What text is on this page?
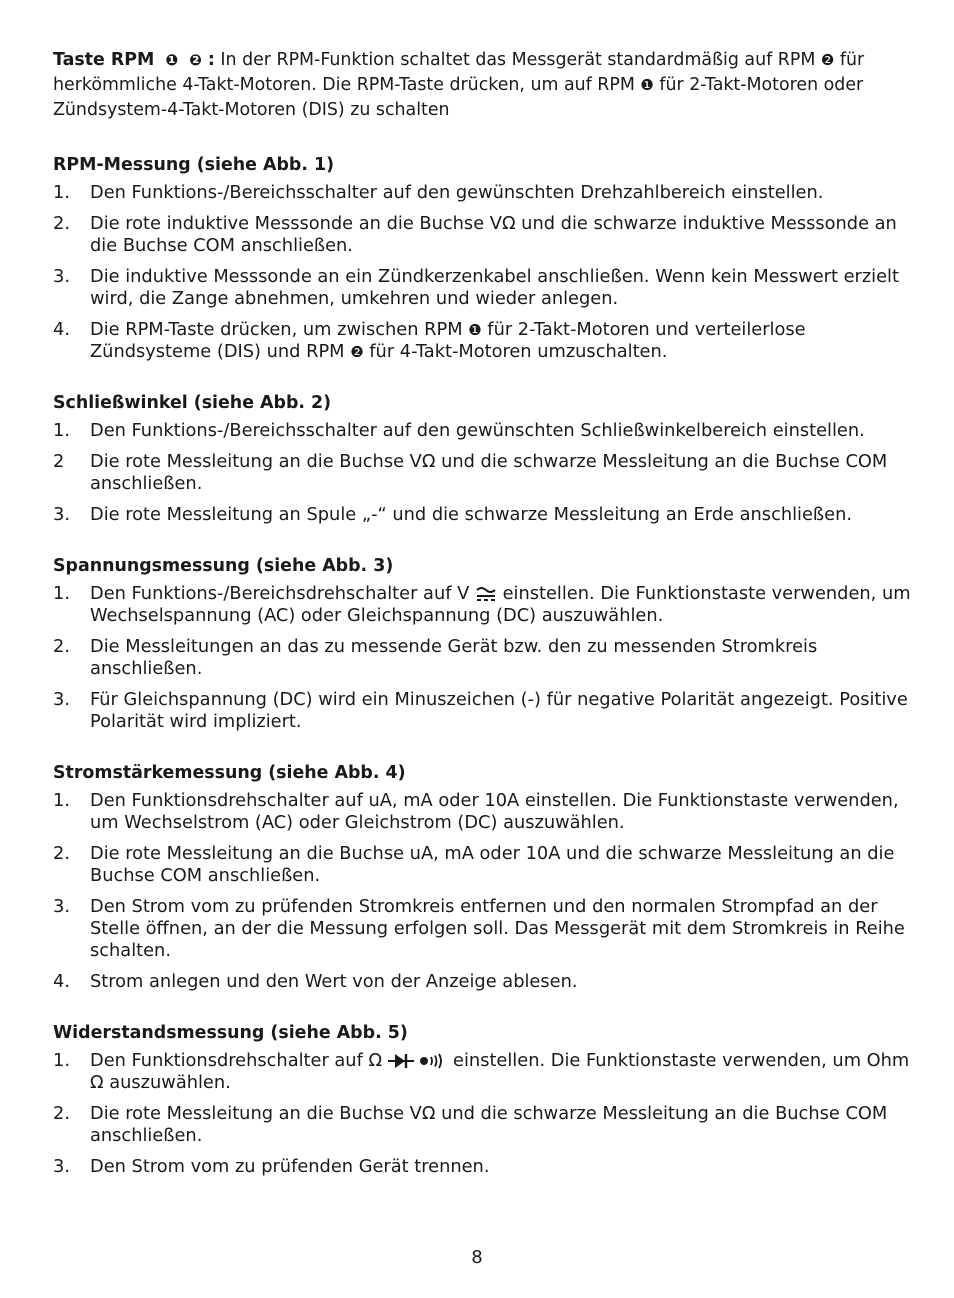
Taste RPM ❶ ❷ : In der RPM-Funktion schaltet das Messgerät standardmäßig auf RPM ❷ für herkömmliche 4-Takt-Motoren. Die RPM-Taste drücken, um auf RPM ❶ für 2-Takt-Motoren oder Zündsystem-4-Takt-Motoren (DIS) zu schalten

RPM-Messung (siehe Abb. 1)
1.	Den Funktions-/Bereichsschalter auf den gewünschten Drehzahlbereich einstellen.
2.	Die rote induktive Messsonde an die Buchse VΩ und die schwarze induktive Messsonde an die Buchse COM anschließen.
3.	Die induktive Messsonde an ein Zündkerzenkabel anschließen. Wenn kein Messwert erzielt wird, die Zange abnehmen, umkehren und wieder anlegen.
4.	Die RPM-Taste drücken, um zwischen RPM ❶ für 2-Takt-Motoren und verteilerlose Zündsysteme (DIS) und RPM ❷ für 4-Takt-Motoren umzuschalten.
Schließwinkel (siehe Abb. 2)
1.	Den Funktions-/Bereichsschalter auf den gewünschten Schließwinkelbereich einstellen.
2	Die rote Messleitung an die Buchse VΩ und die schwarze Messleitung an die Buchse COM anschließen.
3.	Die rote Messleitung an Spule „-“ und die schwarze Messleitung an Erde anschließen.
Spannungsmessung (siehe Abb. 3)
1.	Den Funktions-/Bereichsdrehschalter auf V  einstellen. Die Funktionstaste verwenden, um Wechselspannung (AC) oder Gleichspannung (DC) auszuwählen.
2.	Die Messleitungen an das zu messende Gerät bzw. den zu messenden Stromkreis anschließen.
3.	Für Gleichspannung (DC) wird ein Minuszeichen (-) für negative Polarität angezeigt. Positive Polarität wird impliziert.
Stromstärkemessung (siehe Abb. 4)
1.	Den Funktionsdrehschalter auf uA, mA oder 10A einstellen. Die Funktionstaste verwenden, um Wechselstrom (AC) oder Gleichstrom (DC) auszuwählen.
2.	Die rote Messleitung an die Buchse uA, mA oder 10A und die schwarze Messleitung an die Buchse COM anschließen.
3.	Den Strom vom zu prüfenden Stromkreis entfernen und den normalen Strompfad an der Stelle öffnen, an der die Messung erfolgen soll. Das Messgerät mit dem Stromkreis in Reihe schalten.
4.	Strom anlegen und den Wert von der Anzeige ablesen.
Widerstandsmessung (siehe Abb. 5)
1.	Den Funktionsdrehschalter auf Ω	einstellen. Die Funktionstaste verwenden, um Ohm Ω auszuwählen.
2.	Die rote Messleitung an die Buchse VΩ und die schwarze Messleitung an die Buchse COM anschließen.
3.	Den Strom vom zu prüfenden Gerät trennen.
8
